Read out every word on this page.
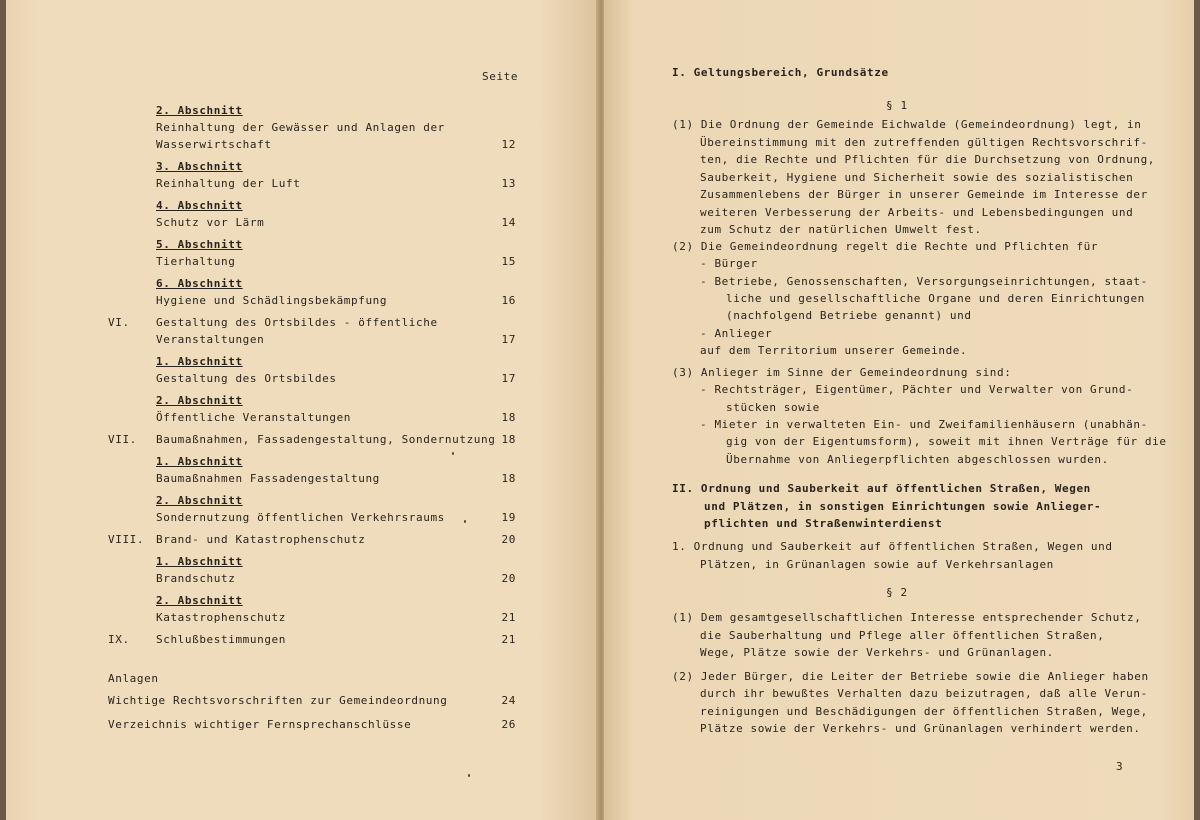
Seite
2. Abschnitt
Reinhaltung der Gewässer und Anlagen der
Wasserwirtschaft	12
3. Abschnitt
Reinhaltung der Luft	13
4. Abschnitt
Schutz vor Lärm	14
5. Abschnitt
Tierhaltung	15
6. Abschnitt
Hygiene und Schädlingsbekämpfung	16
VI. Gestaltung des Ortsbildes - öffentliche
Veranstaltungen	17
1. Abschnitt
Gestaltung des Ortsbildes	17
2. Abschnitt
Öffentliche Veranstaltungen	18
VII. Baumaßnahmen, Fassadengestaltung, Sondernutzung 18
1. Abschnitt
Baumaßnahmen Fassadengestaltung	18
2. Abschnitt
Sondernutzung öffentlichen Verkehrsraums	19
VIII. Brand- und Katastrophenschutz	20
1. Abschnitt
Brandschutz	20
2. Abschnitt
Katastrophenschutz	21
IX. Schlußbestimmungen	21
Anlagen
Wichtige Rechtsvorschriften zur Gemeindeordnung	24
Verzeichnis wichtiger Fernsprechanschlüsse	26
I. Geltungsbereich, Grundsätze
§ 1
(1) Die Ordnung der Gemeinde Eichwalde (Gemeindeordnung) legt, in
Übereinstimmung mit den zutreffenden gültigen Rechtsvorschrif-
ten, die Rechte und Pflichten für die Durchsetzung von Ordnung,
Sauberkeit, Hygiene und Sicherheit sowie des sozialistischen
Zusammenlebens der Bürger in unserer Gemeinde im Interesse der
weiteren Verbesserung der Arbeits- und Lebensbedingungen und
zum Schutz der natürlichen Umwelt fest.
(2) Die Gemeindeordnung regelt die Rechte und Pflichten für
- Bürger
- Betriebe, Genossenschaften, Versorgungseinrichtungen, staat-
liche und gesellschaftliche Organe und deren Einrichtungen
(nachfolgend Betriebe genannt) und
- Anlieger
auf dem Territorium unserer Gemeinde.
(3) Anlieger im Sinne der Gemeindeordnung sind:
- Rechtsträger, Eigentümer, Pächter und Verwalter von Grund-
stücken sowie
- Mieter in verwalteten Ein- und Zweifamilienhäusern (unabhän-
gig von der Eigentumsform), soweit mit ihnen Verträge für die
Übernahme von Anliegerpflichten abgeschlossen wurden.
II. Ordnung und Sauberkeit auf öffentlichen Straßen, Wegen
und Plätzen, in sonstigen Einrichtungen sowie Anlieger-
pflichten und Straßenwinterdienst
1. Ordnung und Sauberkeit auf öffentlichen Straßen, Wegen und
Plätzen, in Grünanlagen sowie auf Verkehrsanlagen
§ 2
(1) Dem gesamtgesellschaftlichen Interesse entsprechender Schutz,
die Sauberhaltung und Pflege aller öffentlichen Straßen,
Wege, Plätze sowie der Verkehrs- und Grünanlagen.
(2) Jeder Bürger, die Leiter der Betriebe sowie die Anlieger haben
durch ihr bewußtes Verhalten dazu beizutragen, daß alle Verun-
reinigungen und Beschädigungen der öffentlichen Straßen, Wege,
Plätze sowie der Verkehrs- und Grünanlagen verhindert werden.
3
